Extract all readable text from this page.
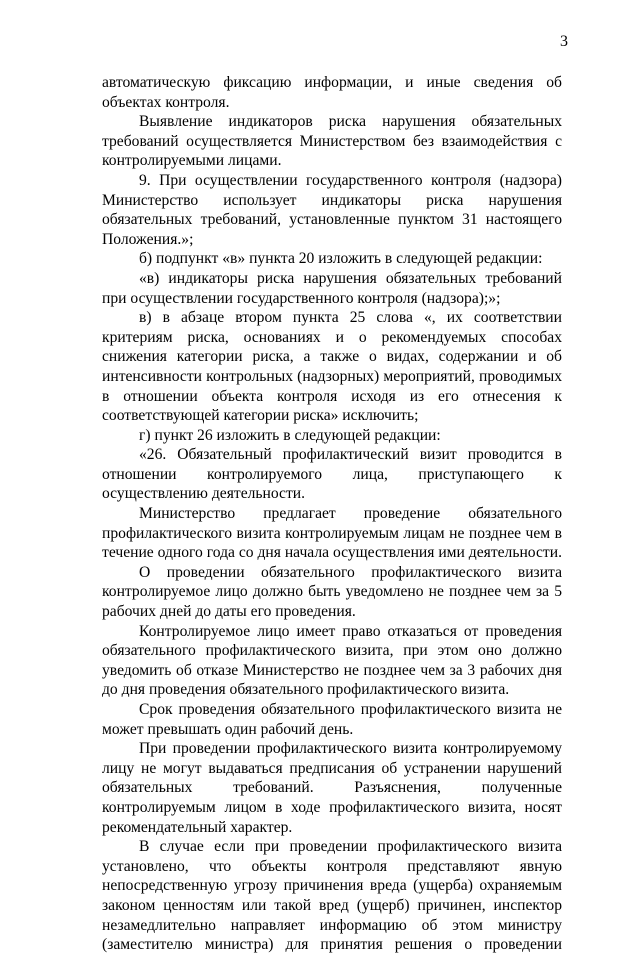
3

автоматическую фиксацию информации, и иные сведения об объектах контроля.

Выявление индикаторов риска нарушения обязательных требований осуществляется Министерством без взаимодействия с контролируемыми лицами.

9. При осуществлении государственного контроля (надзора) Министерство использует индикаторы риска нарушения обязательных требований, установленные пунктом 31 настоящего Положения.»;

б) подпункт «в» пункта 20 изложить в следующей редакции:

«в) индикаторы риска нарушения обязательных требований при осуществлении государственного контроля (надзора);»;

в) в абзаце втором пункта 25 слова «, их соответствии критериям риска, основаниях и о рекомендуемых способах снижения категории риска, а также о видах, содержании и об интенсивности контрольных (надзорных) мероприятий, проводимых в отношении объекта контроля исходя из его отнесения к соответствующей категории риска» исключить;

г) пункт 26 изложить в следующей редакции:

«26. Обязательный профилактический визит проводится в отношении контролируемого лица, приступающего к осуществлению деятельности.

Министерство предлагает проведение обязательного профилактического визита контролируемым лицам не позднее чем в течение одного года со дня начала осуществления ими деятельности.

О проведении обязательного профилактического визита контролируемое лицо должно быть уведомлено не позднее чем за 5 рабочих дней до даты его проведения.

Контролируемое лицо имеет право отказаться от проведения обязательного профилактического визита, при этом оно должно уведомить об отказе Министерство не позднее чем за 3 рабочих дня до дня проведения обязательного профилактического визита.

Срок проведения обязательного профилактического визита не может превышать один рабочий день.

При проведении профилактического визита контролируемому лицу не могут выдаваться предписания об устранении нарушений обязательных требований. Разъяснения, полученные контролируемым лицом в ходе профилактического визита, носят рекомендательный характер.

В случае если при проведении профилактического визита установлено, что объекты контроля представляют явную непосредственную угрозу причинения вреда (ущерба) охраняемым законом ценностям или такой вред (ущерб) причинен, инспектор незамедлительно направляет информацию об этом министру (заместителю министра) для принятия решения о проведении
